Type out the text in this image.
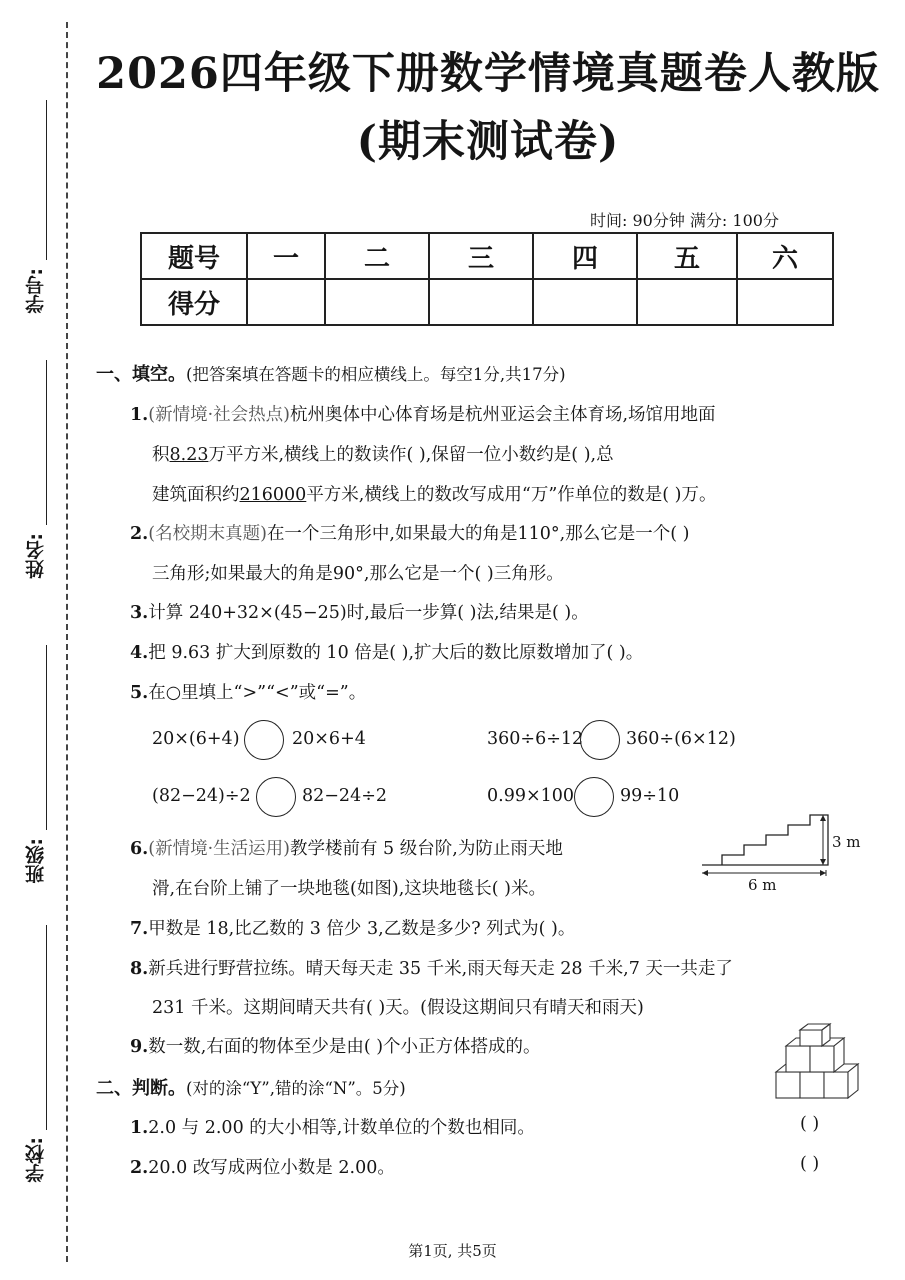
学号:
姓名:
班级:
学校:
2026四年级下册数学情境真题卷人教版
(期末测试卷)
时间: 90分钟 满分: 100分
题号	一	二	三	四	五	六
得分						
一、填空。(把答案填在答题卡的相应横线上。每空1分,共17分)
1.(新情境·社会热点)杭州奥体中心体育场是杭州亚运会主体育场,场馆用地面
积8.23万平方米,横线上的数读作( ),保留一位小数约是( ),总
建筑面积约216000平方米,横线上的数改写成用“万”作单位的数是( )万。
2.(名校期末真题)在一个三角形中,如果最大的角是110°,那么它是一个( )
三角形;如果最大的角是90°,那么它是一个( )三角形。
3.计算 240+32×(45−25)时,最后一步算( )法,结果是( )。
4.把 9.63 扩大到原数的 10 倍是( ),扩大后的数比原数增加了( )。
5.在○里填上“>”“<”或“=”。
20×(6+4)	20×6+4	360÷6÷12 360÷(6×12)
(82−24)÷2	82−24÷2	0.99×100	99÷10
6.(新情境·生活运用)教学楼前有 5 级台阶,为防止雨天地
滑,在台阶上铺了一块地毯(如图),这块地毯长( )米。
3 m
6 m
7.甲数是 18,比乙数的 3 倍少 3,乙数是多少? 列式为( )。
8.新兵进行野营拉练。晴天每天走 35 千米,雨天每天走 28 千米,7 天一共走了
231 千米。这期间晴天共有( )天。(假设这期间只有晴天和雨天)
9.数一数,右面的物体至少是由( )个小正方体搭成的。
二、判断。(对的涂“Y”,错的涂“N”。5分)
1.2.0 与 2.00 的大小相等,计数单位的个数也相同。	( )
2.20.0 改写成两位小数是 2.00。	( )
第1页, 共5页
